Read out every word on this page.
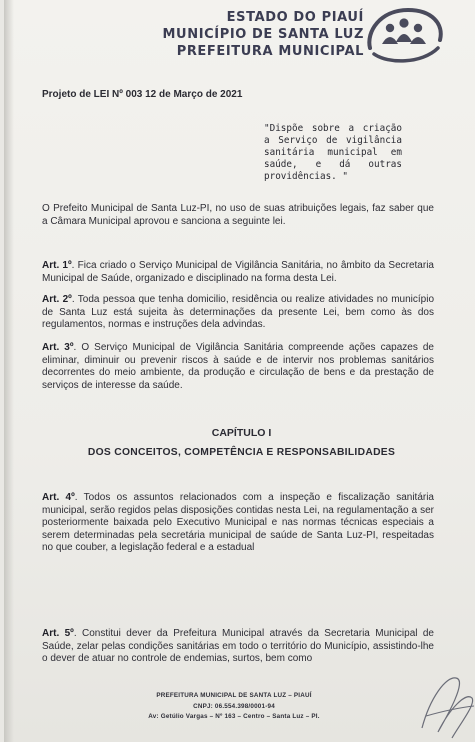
ESTADO DO PIAUÍ
MUNICÍPIO DE SANTA LUZ
PREFEITURA MUNICIPAL
Projeto de LEI Nº 003 12 de Março de 2021
"Dispõe sobre a criação a Serviço de vigilância sanitária municipal em saúde, e dá outras providências. "
O Prefeito Municipal de Santa Luz-PI, no uso de suas atribuições legais, faz saber que a Câmara Municipal aprovou e sanciona a seguinte lei.
Art. 1º. Fica criado o Serviço Municipal de Vigilância Sanitária, no âmbito da Secretaria Municipal de Saúde, organizado e disciplinado na forma desta Lei.
Art. 2º. Toda pessoa que tenha domicilio, residência ou realize atividades no município de Santa Luz está sujeita às determinações da presente Lei, bem como às dos regulamentos, normas e instruções dela advindas.
Art. 3º. O Serviço Municipal de Vigilância Sanitária compreende ações capazes de eliminar, diminuir ou prevenir riscos à saúde e de intervir nos problemas sanitários decorrentes do meio ambiente, da produção e circulação de bens e da prestação de serviços de interesse da saúde.
CAPÍTULO I
DOS CONCEITOS, COMPETÊNCIA E RESPONSABILIDADES
Art. 4º. Todos os assuntos relacionados com a inspeção e fiscalização sanitária municipal, serão regidos pelas disposições contidas nesta Lei, na regulamentação a ser posteriormente baixada pelo Executivo Municipal e nas normas técnicas especiais a serem determinadas pela secretária municipal de saúde de Santa Luz-PI, respeitadas no que couber, a legislação federal e a estadual
Art. 5º. Constitui dever da Prefeitura Municipal através da Secretaria Municipal de Saúde, zelar pelas condições sanitárias em todo o território do Município, assistindo-lhe o dever de atuar no controle de endemias, surtos, bem como
PREFEITURA MUNICIPAL DE SANTA LUZ – PIAUÍ
CNPJ: 06.554.398/0001-94
Av: Getúlio Vargas – Nº 163 – Centro – Santa Luz – PI.
